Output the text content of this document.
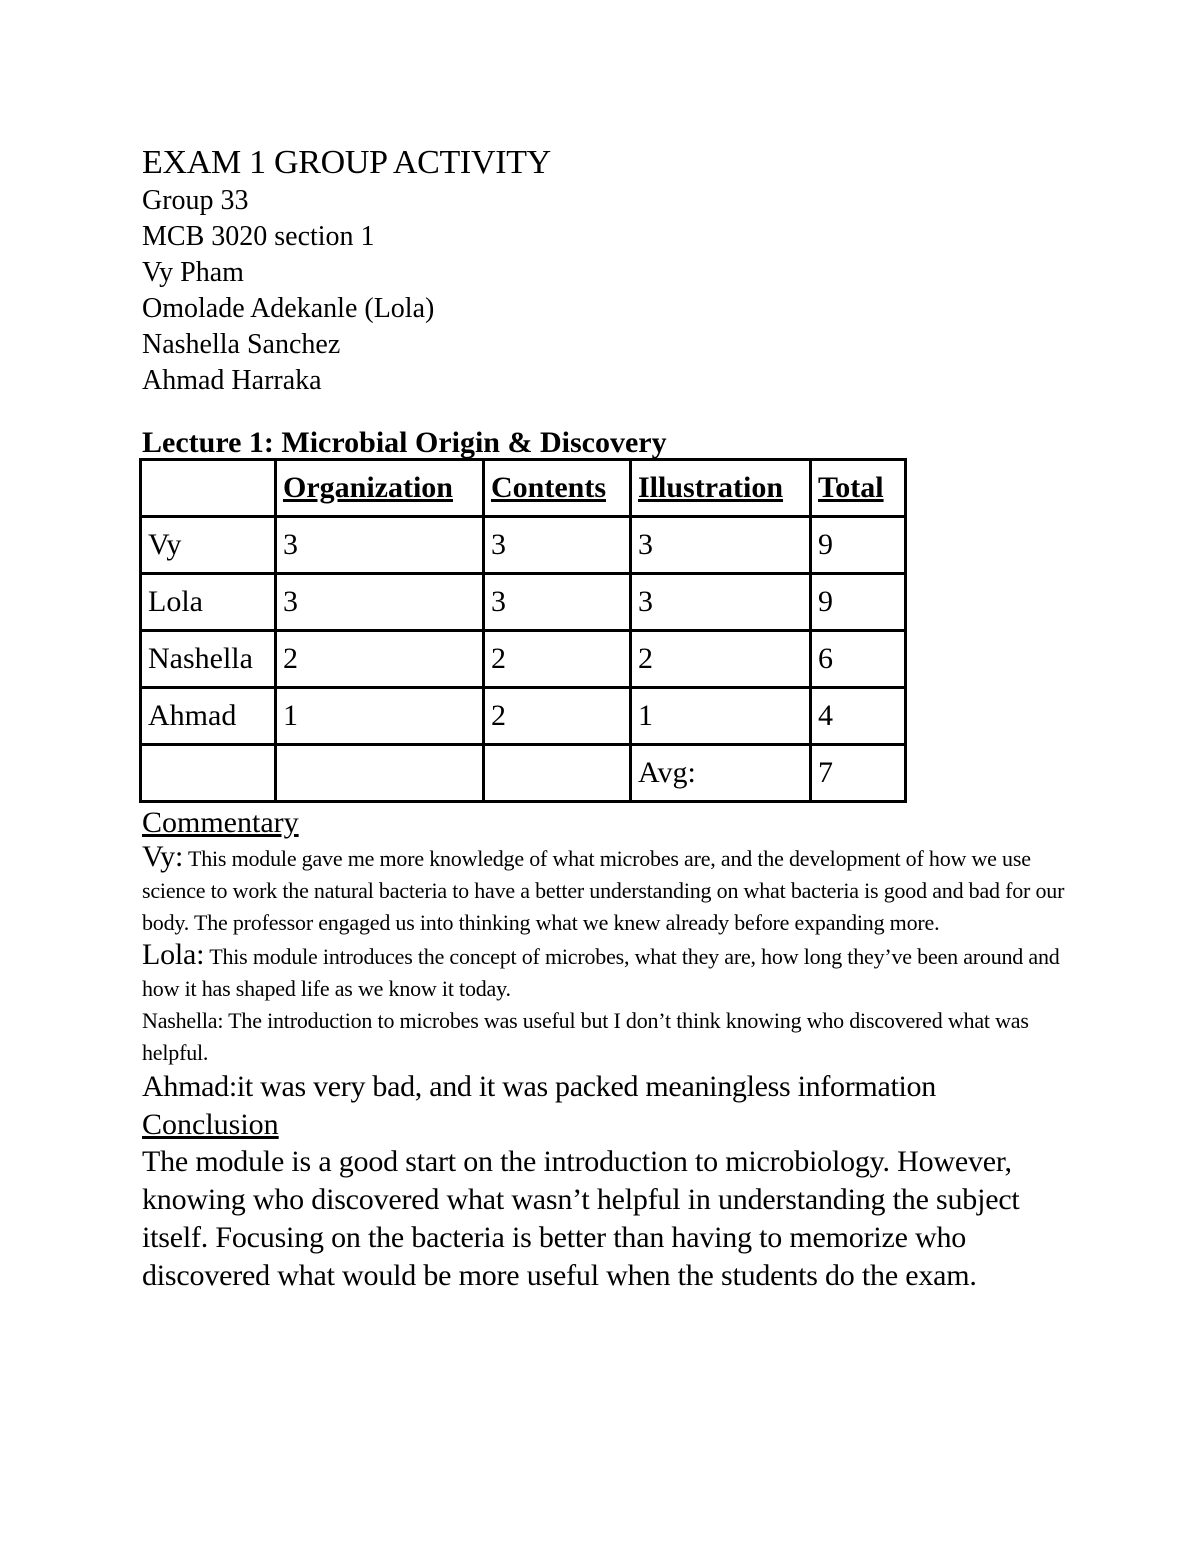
EXAM 1 GROUP ACTIVITY

Group 33

MCB 3020 section 1

Vy Pham

Omolade Adekanle (Lola)

Nashella Sanchez

Ahmad Harraka

Lecture 1: Microbial Origin & Discovery

	Organization	Contents	Illustration	Total
Vy	3	3	3	9
Lola	3	3	3	9
Nashella	2	2	2	6
Ahmad	1	2	1	4
			Avg:	7

Commentary

Vy: This module gave me more knowledge of what microbes are, and the development of how we use science to work the natural bacteria to have a better understanding on what bacteria is good and bad for our body. The professor engaged us into thinking what we knew already before expanding more.

Lola: This module introduces the concept of microbes, what they are, how long they’ve been around and how it has shaped life as we know it today.

Nashella: The introduction to microbes was useful but I don’t think knowing who discovered what was helpful.

Ahmad:it was very bad, and it was packed meaningless information

Conclusion

The module is a good start on the introduction to microbiology. However, knowing who discovered what wasn’t helpful in understanding the subject itself. Focusing on the bacteria is better than having to memorize who discovered what would be more useful when the students do the exam.
